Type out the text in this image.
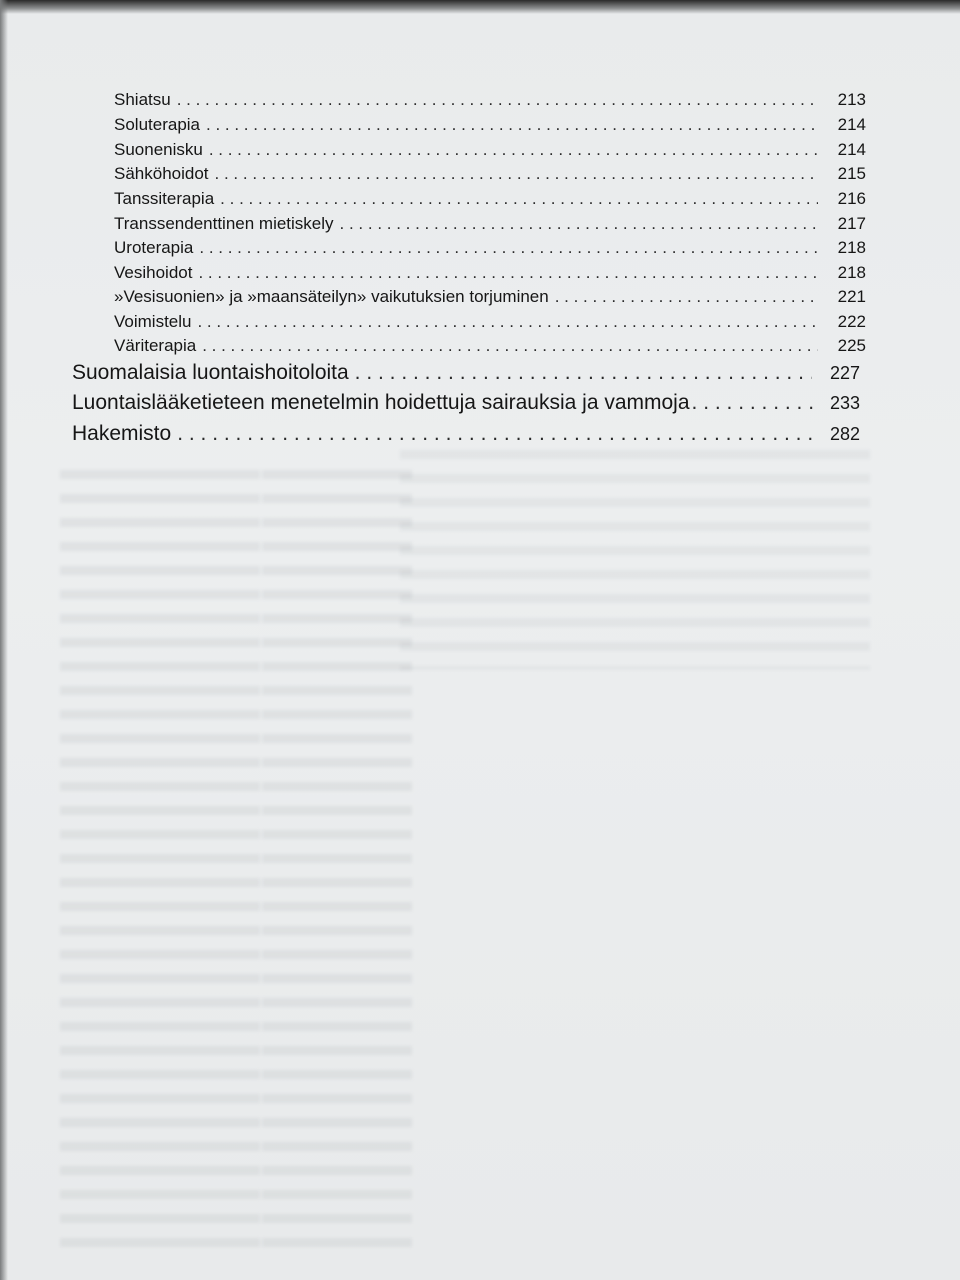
Shiatsu . . .	213
Soluterapia . . .	214
Suonenisku . . .	214
Sähköhoidot . . .	215
Tanssiterapia . . .	216
Transsendenttinen mietiskely . . .	217
Uroterapia . . .	218
Vesihoidot . . .	218
»Vesisuonien» ja »maansäteilyn» vaikutuksien torjuminen . . .	221
Voimistelu . . .	222
Väriterapia . . .	225
Suomalaisia luontaishoitoloita . . .	227
Luontaislääketieteen menetelmin hoidettuja sairauksia ja vammoja . . .	233
Hakemisto . . .	282
